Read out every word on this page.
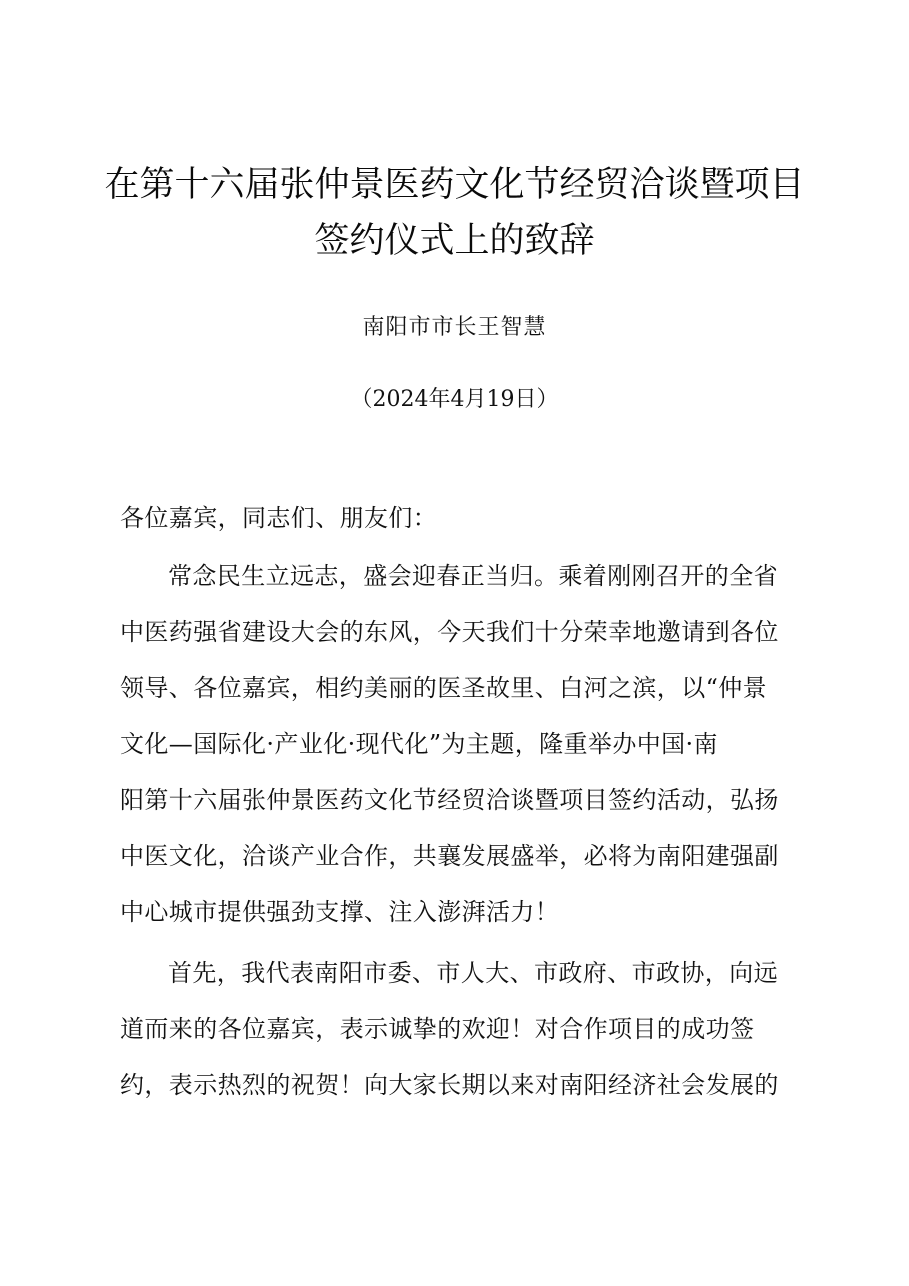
在第十六届张仲景医药文化节经贸洽谈暨项目
签约仪式上的致辞
南阳市市长王智慧
（2024年4月19日）
各位嘉宾，同志们、朋友们：
常念民生立远志，盛会迎春正当归。乘着刚刚召开的全省
中医药强省建设大会的东风，今天我们十分荣幸地邀请到各位
领导、各位嘉宾，相约美丽的医圣故里、白河之滨，以“仲景
文化—国际化·产业化·现代化”为主题，隆重举办中国·南
阳第十六届张仲景医药文化节经贸洽谈暨项目签约活动，弘扬
中医文化，洽谈产业合作，共襄发展盛举，必将为南阳建强副
中心城市提供强劲支撑、注入澎湃活力！
首先，我代表南阳市委、市人大、市政府、市政协，向远
道而来的各位嘉宾，表示诚挚的欢迎！对合作项目的成功签
约，表示热烈的祝贺！向大家长期以来对南阳经济社会发展的
